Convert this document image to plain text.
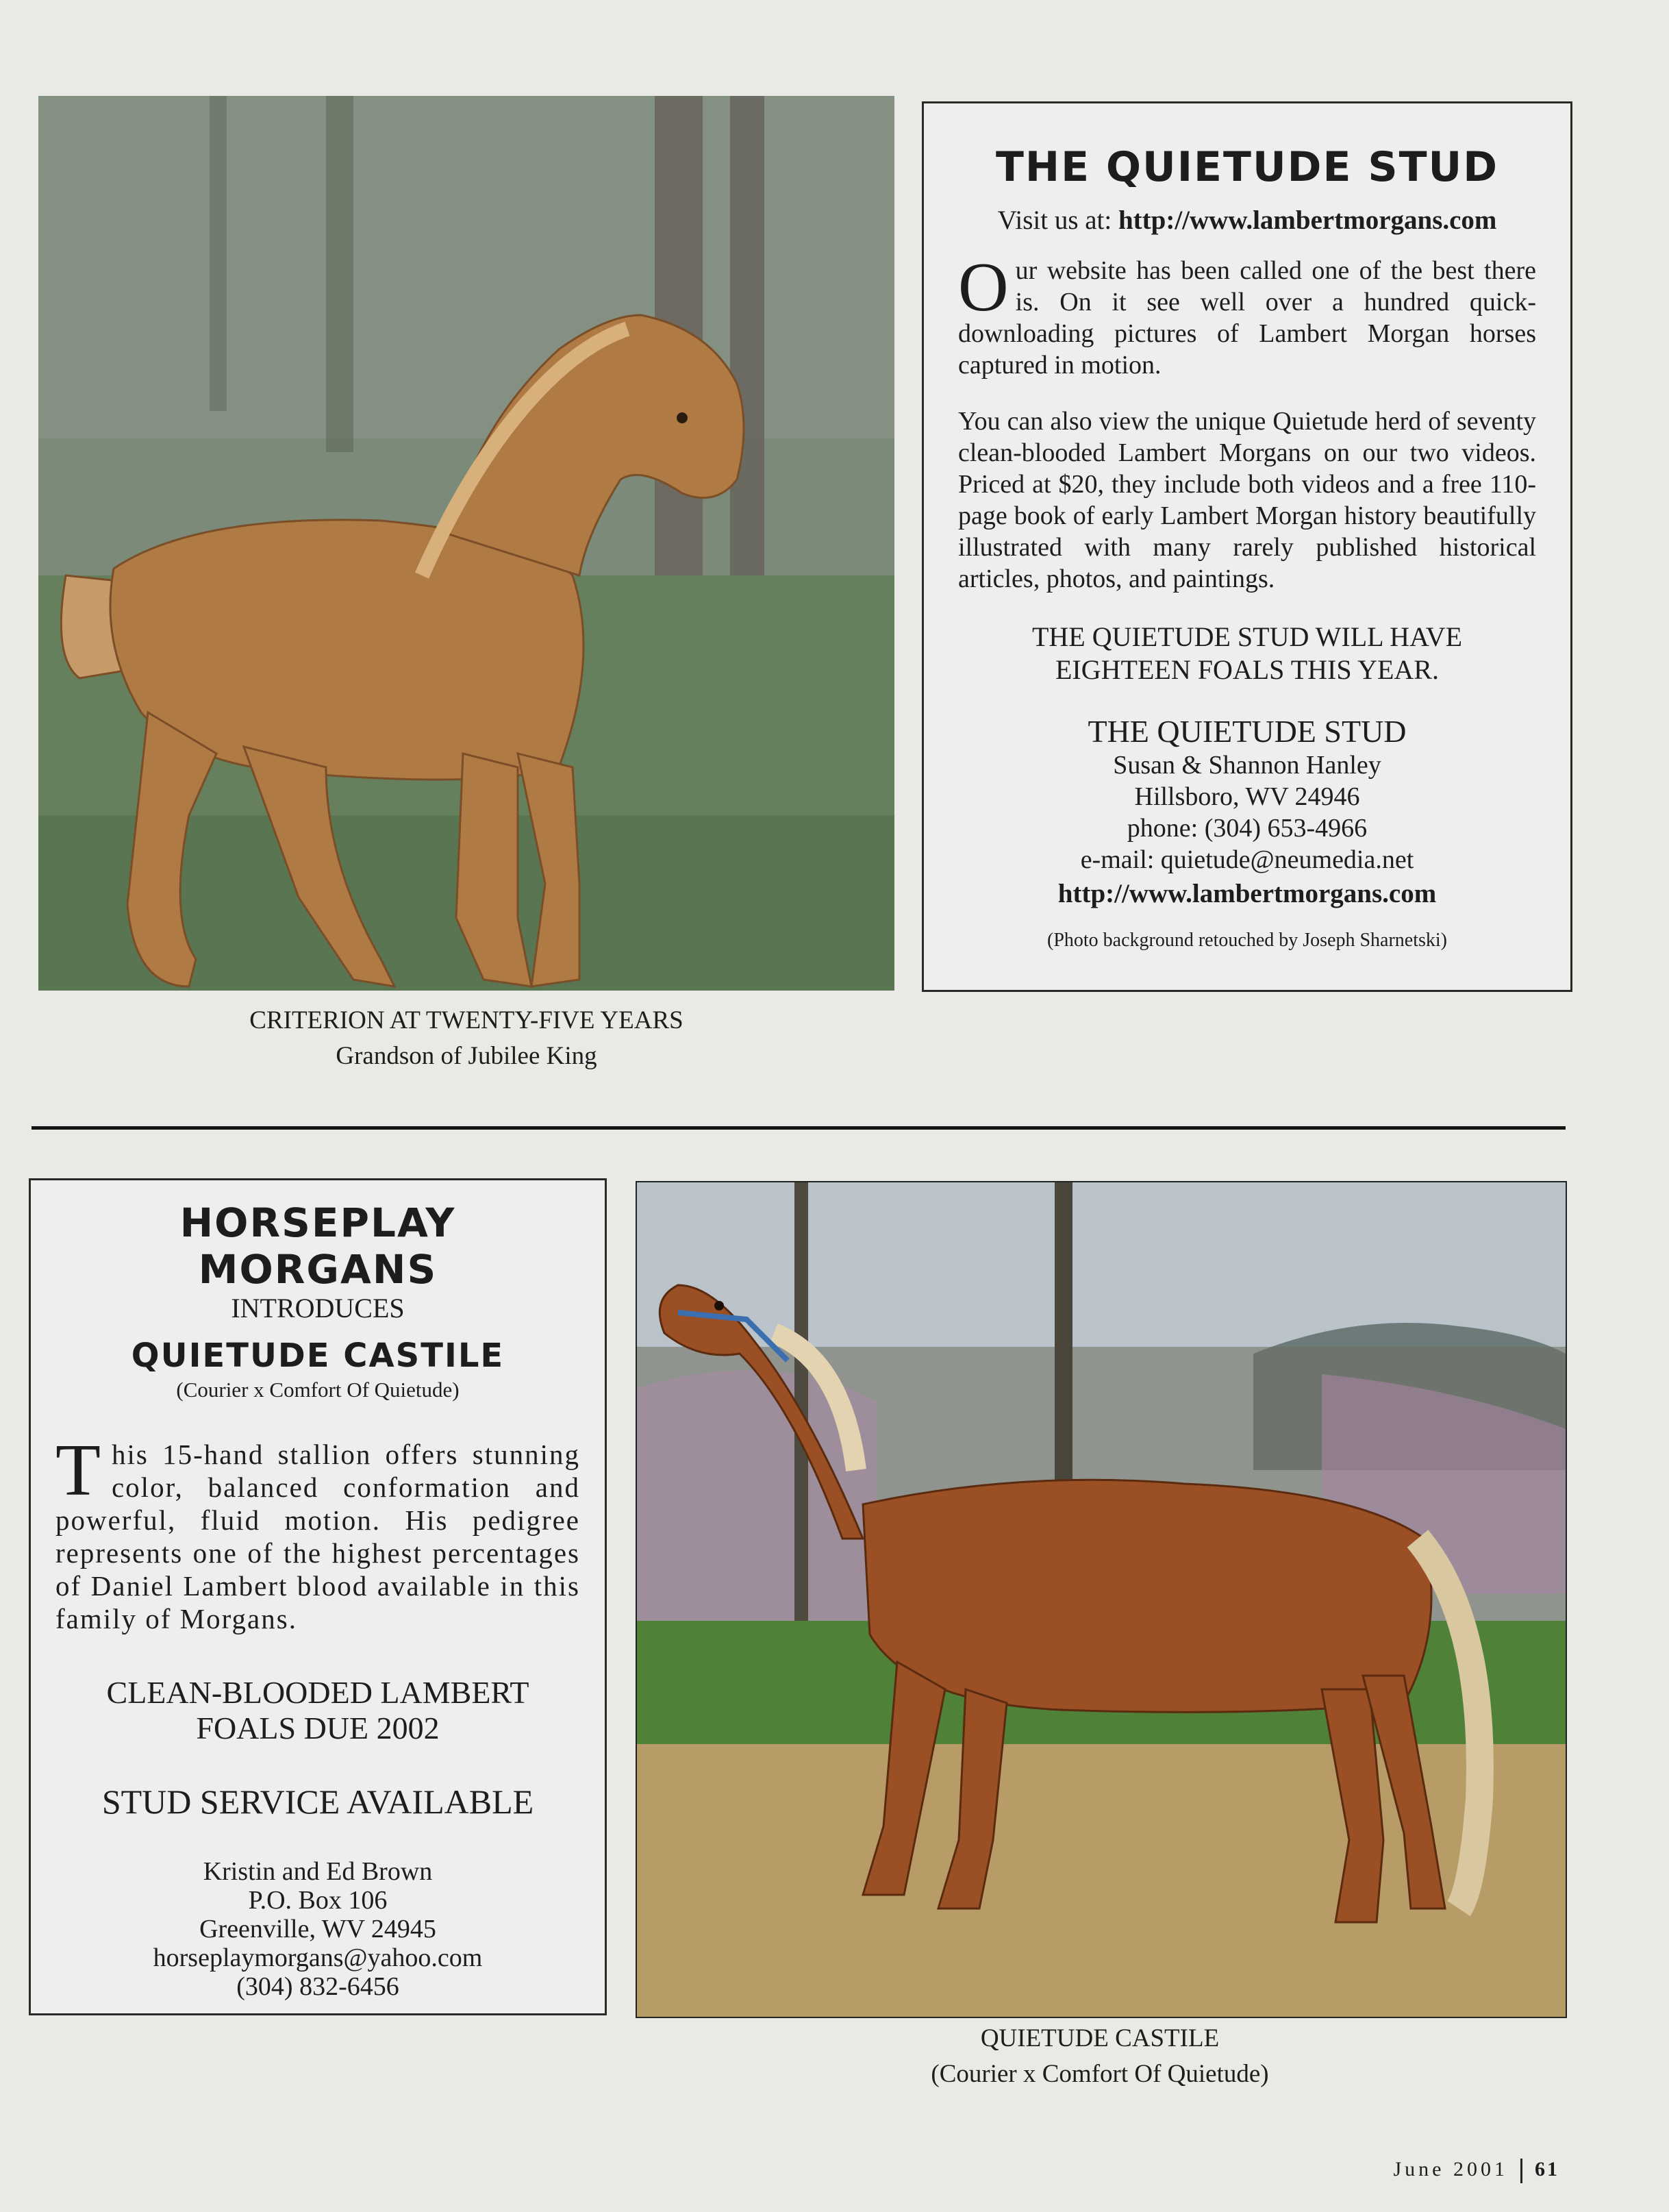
CRITERION AT TWENTY-FIVE YEARS
Grandson of Jubilee King
THE QUIETUDE STUD
Visit us at: http://www.lambertmorgans.com
Our website has been called one of the best there is. On it see well over a hundred quick-downloading pictures of Lambert Morgan horses captured in motion.
You can also view the unique Quietude herd of seventy clean-blooded Lambert Morgans on our two videos. Priced at $20, they include both videos and a free 110-page book of early Lambert Morgan history beautifully illustrated with many rarely published historical articles, photos, and paintings.
THE QUIETUDE STUD WILL HAVE
EIGHTEEN FOALS THIS YEAR.
THE QUIETUDE STUD
Susan & Shannon Hanley
Hillsboro, WV 24946
phone: (304) 653-4966
e-mail: quietude@neumedia.net
http://www.lambertmorgans.com
(Photo background retouched by Joseph Sharnetski)
HORSEPLAY MORGANS
INTRODUCES
QUIETUDE CASTILE
(Courier x Comfort Of Quietude)
This 15-hand stallion offers stunning color, balanced conformation and powerful, fluid motion. His pedigree represents one of the highest percentages of Daniel Lambert blood available in this family of Morgans.
CLEAN-BLOODED LAMBERT
FOALS DUE 2002
STUD SERVICE AVAILABLE
Kristin and Ed Brown
P.O. Box 106
Greenville, WV 24945
horseplaymorgans@yahoo.com
(304) 832-6456
QUIETUDE CASTILE
(Courier x Comfort Of Quietude)
June 2001 61
